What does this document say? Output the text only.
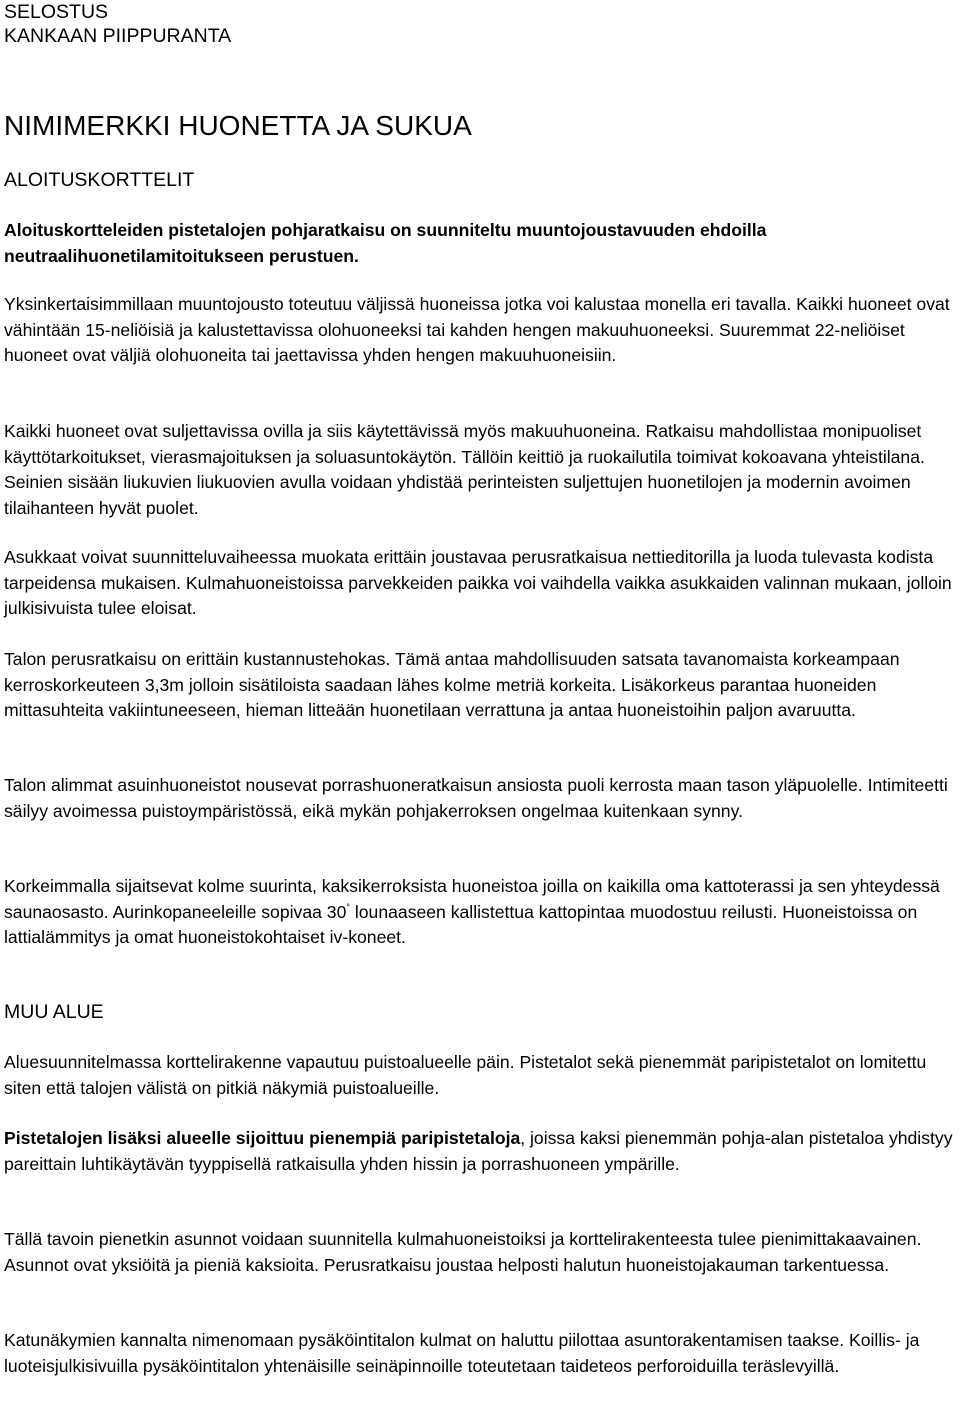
SELOSTUS
KANKAAN PIIPPURANTA
NIMIMERKKI HUONETTA JA SUKUA
ALOITUSKORTTELIT

Aloituskortteleiden pistetalojen pohjaratkaisu on suunniteltu muuntojoustavuuden ehdoilla neutraalihuonetilamitoitukseen perustuen.

Yksinkertaisimmillaan muuntojousto toteutuu väljissä huoneissa jotka voi kalustaa monella eri tavalla. Kaikki huoneet ovat vähintään 15-neliöisiä ja kalustettavissa olohuoneeksi tai kahden hengen makuuhuoneeksi. Suuremmat 22-neliöiset huoneet ovat väljiä olohuoneita tai jaettavissa yhden hengen makuuhuoneisiin.

Kaikki huoneet ovat suljettavissa ovilla ja siis käytettävissä myös makuuhuoneina. Ratkaisu mahdollistaa monipuoliset käyttötarkoitukset, vierasmajoituksen ja soluasuntokäytön. Tällöin keittiö ja ruokailutila toimivat kokoavana yhteistilana. Seinien sisään liukuvien liukuovien avulla voidaan yhdistää perinteisten suljettujen huonetilojen ja modernin avoimen tilaihanteen hyvät puolet.

Asukkaat voivat suunnitteluvaiheessa muokata erittäin joustavaa perusratkaisua nettieditorilla ja luoda tulevasta kodista tarpeidensa mukaisen. Kulmahuoneistoissa parvekkeiden paikka voi vaihdella vaikka asukkaiden valinnan mukaan, jolloin julkisivuista tulee eloisat.

Talon perusratkaisu on erittäin kustannustehokas. Tämä antaa mahdollisuuden satsata tavanomaista korkeampaan kerroskorkeuteen 3,3m jolloin sisätiloista saadaan lähes kolme metriä korkeita. Lisäkorkeus parantaa huoneiden mittasuhteita vakiintuneeseen, hieman litteään huonetilaan verrattuna ja antaa huoneistoihin paljon avaruutta.

Talon alimmat asuinhuoneistot nousevat porrashuoneratkaisun ansiosta puoli kerrosta maan tason yläpuolelle. Intimiteetti säilyy avoimessa puistoympäristössä, eikä mykän pohjakerroksen ongelmaa kuitenkaan synny.

Korkeimmalla sijaitsevat kolme suurinta, kaksikerroksista huoneistoa joilla on kaikilla oma kattoterassi ja sen yhteydessä saunaosasto. Aurinkopaneeleille sopivaa 30° lounaaseen kallistettua kattopintaa muodostuu reilusti. Huoneistoissa on lattialämmitys ja omat huoneistokohtaiset iv-koneet.

MUU ALUE

Aluesuunnitelmassa korttelirakenne vapautuu puistoalueelle päin. Pistetalot sekä pienemmät paripistetalot on lomitettu siten että talojen välistä on pitkiä näkymiä puistoalueille.

Pistetalojen lisäksi alueelle sijoittuu pienempiä paripistetaloja, joissa kaksi pienemmän pohja-alan pistetaloa yhdistyy pareittain luhtikäytävän tyyppisellä ratkaisulla yhden hissin ja porrashuoneen ympärille.

Tällä tavoin pienetkin asunnot voidaan suunnitella kulmahuoneistoiksi ja korttelirakenteesta tulee pienimittakaavainen. Asunnot ovat yksiöitä ja pieniä kaksioita. Perusratkaisu joustaa helposti halutun huoneistojakauman tarkentuessa.

Katunäkymien kannalta nimenomaan pysäköintitalon kulmat on haluttu piilottaa asuntorakentamisen taakse. Koillis- ja luoteisjulkisivuilla pysäköintitalon yhtenäisille seinäpinnoille toteutetaan taideteos perforoiduilla teräslevyillä.
